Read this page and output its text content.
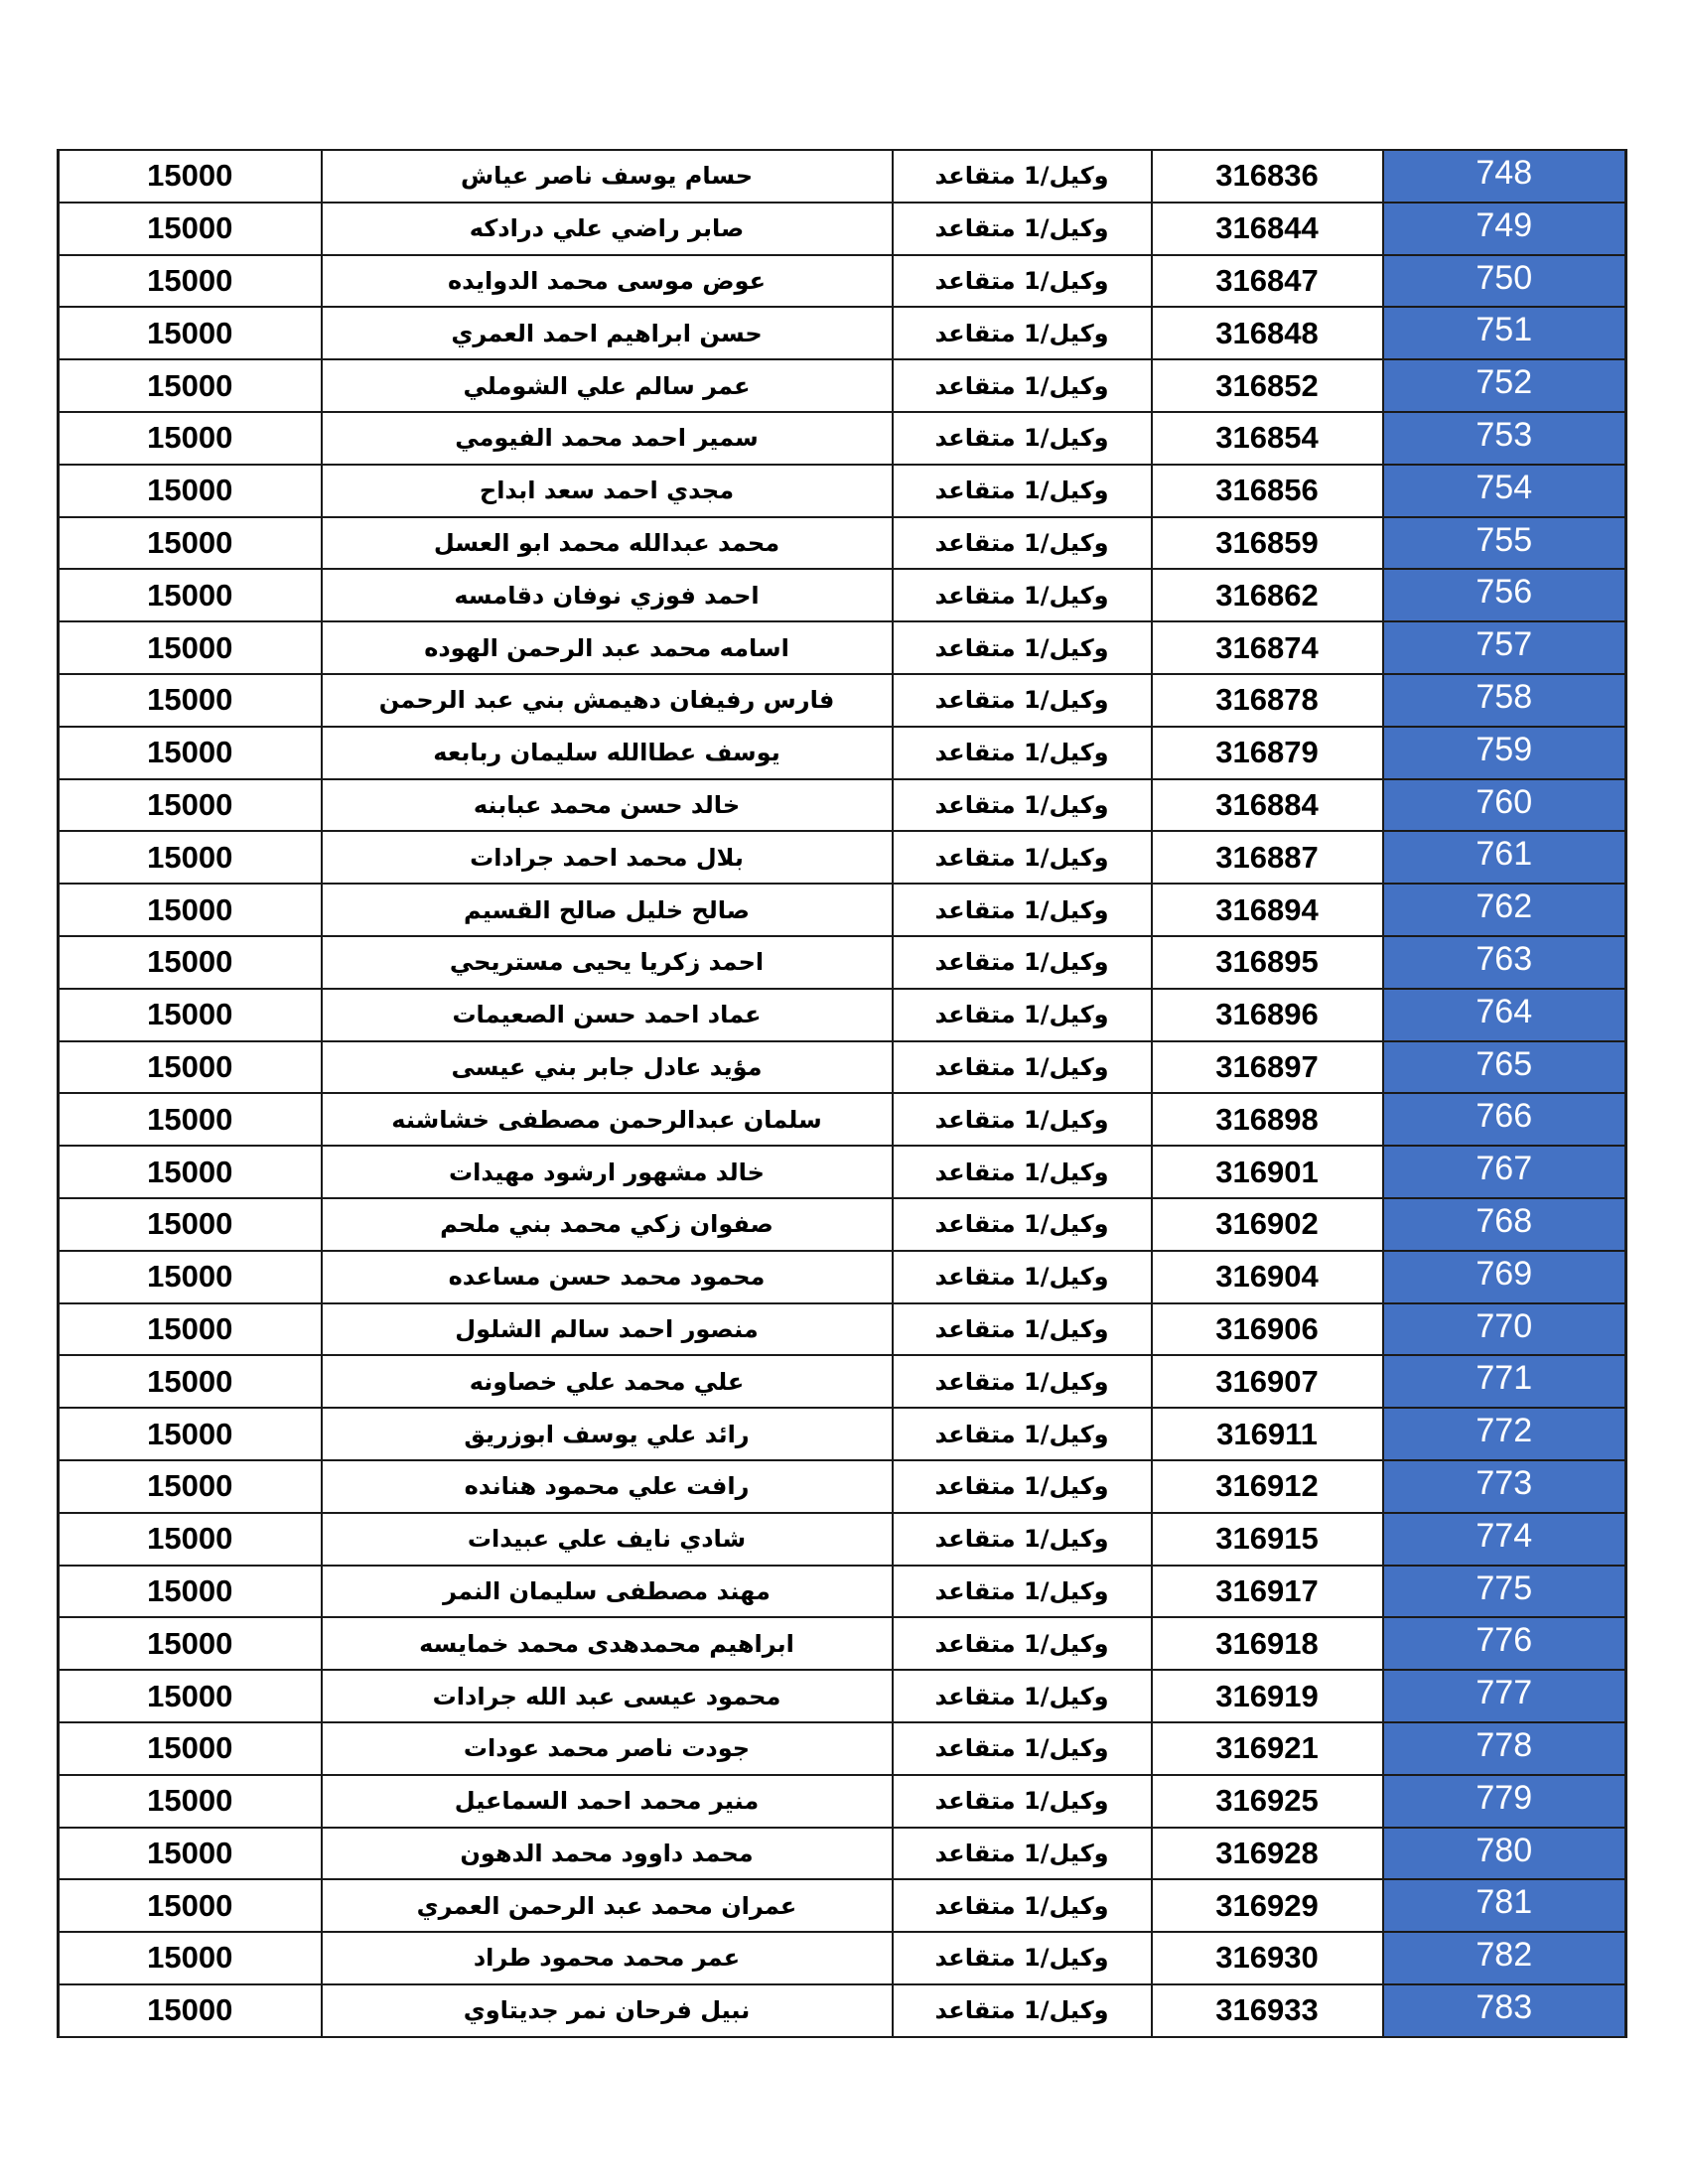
15000	حسام يوسف ناصر عياش	وكيل/1 متقاعد	316836	748
15000	صابر راضي علي درادكه	وكيل/1 متقاعد	316844	749
15000	عوض موسى محمد الدوايده	وكيل/1 متقاعد	316847	750
15000	حسن ابراهيم احمد العمري	وكيل/1 متقاعد	316848	751
15000	عمر سالم علي الشوملي	وكيل/1 متقاعد	316852	752
15000	سمير احمد محمد الفيومي	وكيل/1 متقاعد	316854	753
15000	مجدي احمد سعد ابداح	وكيل/1 متقاعد	316856	754
15000	محمد عبدالله محمد ابو العسل	وكيل/1 متقاعد	316859	755
15000	احمد فوزي نوفان دقامسه	وكيل/1 متقاعد	316862	756
15000	اسامه محمد عبد الرحمن الهوده	وكيل/1 متقاعد	316874	757
15000	فارس رفيفان دهيمش بني عبد الرحمن	وكيل/1 متقاعد	316878	758
15000	يوسف عطاالله سليمان ربابعه	وكيل/1 متقاعد	316879	759
15000	خالد حسن محمد عبابنه	وكيل/1 متقاعد	316884	760
15000	بلال محمد احمد جرادات	وكيل/1 متقاعد	316887	761
15000	صالح خليل صالح القسيم	وكيل/1 متقاعد	316894	762
15000	احمد زكريا يحيى مستريحي	وكيل/1 متقاعد	316895	763
15000	عماد احمد حسن الصعيمات	وكيل/1 متقاعد	316896	764
15000	مؤيد عادل جابر بني عيسى	وكيل/1 متقاعد	316897	765
15000	سلمان عبدالرحمن مصطفى خشاشنه	وكيل/1 متقاعد	316898	766
15000	خالد مشهور ارشود مهيدات	وكيل/1 متقاعد	316901	767
15000	صفوان زكي محمد بني ملحم	وكيل/1 متقاعد	316902	768
15000	محمود محمد حسن مساعده	وكيل/1 متقاعد	316904	769
15000	منصور احمد سالم الشلول	وكيل/1 متقاعد	316906	770
15000	علي محمد علي خصاونه	وكيل/1 متقاعد	316907	771
15000	رائد علي يوسف ابوزريق	وكيل/1 متقاعد	316911	772
15000	رافت علي محمود هنانده	وكيل/1 متقاعد	316912	773
15000	شادي نايف علي عبيدات	وكيل/1 متقاعد	316915	774
15000	مهند مصطفى سليمان النمر	وكيل/1 متقاعد	316917	775
15000	ابراهيم محمدهدى محمد خمايسه	وكيل/1 متقاعد	316918	776
15000	محمود عيسى عبد الله جرادات	وكيل/1 متقاعد	316919	777
15000	جودت ناصر محمد عودات	وكيل/1 متقاعد	316921	778
15000	منير محمد احمد السماعيل	وكيل/1 متقاعد	316925	779
15000	محمد داوود محمد الدهون	وكيل/1 متقاعد	316928	780
15000	عمران محمد عبد الرحمن العمري	وكيل/1 متقاعد	316929	781
15000	عمر محمد محمود طراد	وكيل/1 متقاعد	316930	782
15000	نبيل فرحان نمر جديتاوي	وكيل/1 متقاعد	316933	783
